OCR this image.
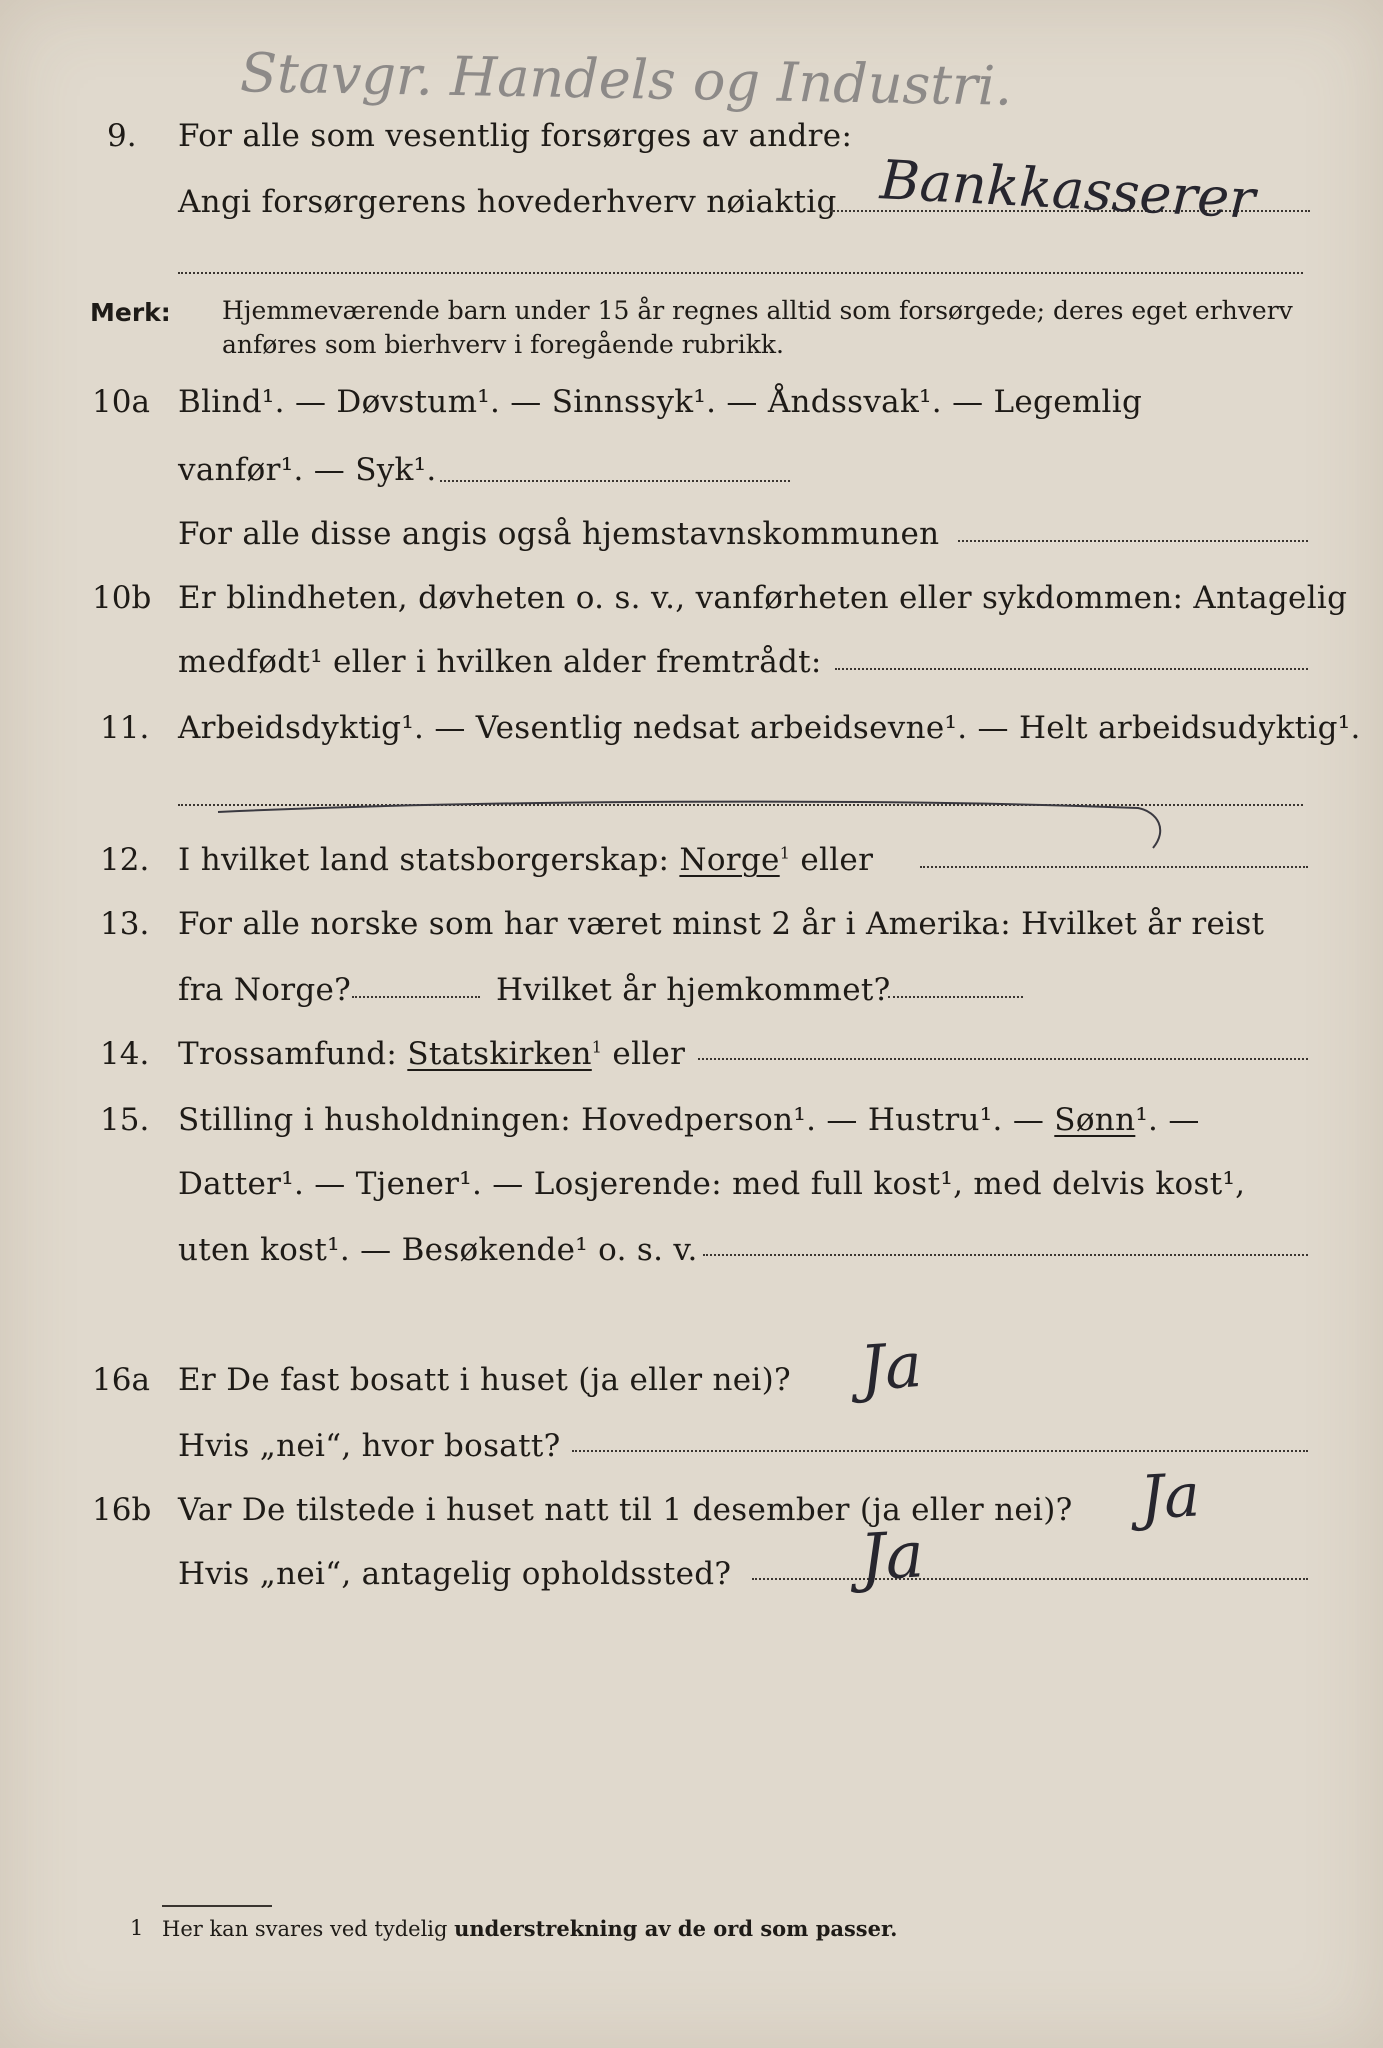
Stavgr. Handels og Industri.
9. For alle som vesentlig forsørges av andre:
Angi forsørgerens hovederhverv nøiaktig Bankkasserer
Merk: Hjemmeværende barn under 15 år regnes alltid som forsørgede; deres eget erhverv
anføres som bierhverv i foregående rubrikk.
10a Blind¹. — Døvstum¹. — Sinnssyk¹. — Åndssvak¹. — Legemlig
vanfør¹. — Syk¹.
For alle disse angis også hjemstavnskommunen
10b Er blindheten, døvheten o. s. v., vanførheten eller sykdommen: Antagelig
medfødt¹ eller i hvilken alder fremtrådt:
11. Arbeidsdyktig¹. — Vesentlig nedsat arbeidsevne¹. — Helt arbeidsudyktig¹.
12. I hvilket land statsborgerskap: Norge$^1$ eller
13. For alle norske som har været minst 2 år i Amerika: Hvilket år reist
fra Norge?	Hvilket år hjemkommet?
14. Trossamfund: Statskirken$^1$ eller
15. Stilling i husholdningen: Hovedperson¹. — Hustru¹. — Sønn¹. —
Datter¹. — Tjener¹. — Losjerende: med full kost¹, med delvis kost¹,
uten kost¹. — Besøkende¹ o. s. v.
16a Er De fast bosatt i huset (ja eller nei)? Ja
Hvis „nei“, hvor bosatt?
16b Var De tilstede i huset natt til 1 desember (ja eller nei)? Ja
Hvis „nei“, antagelig opholdssted? Ja
1 Her kan svares ved tydelig understrekning av de ord som passer.
